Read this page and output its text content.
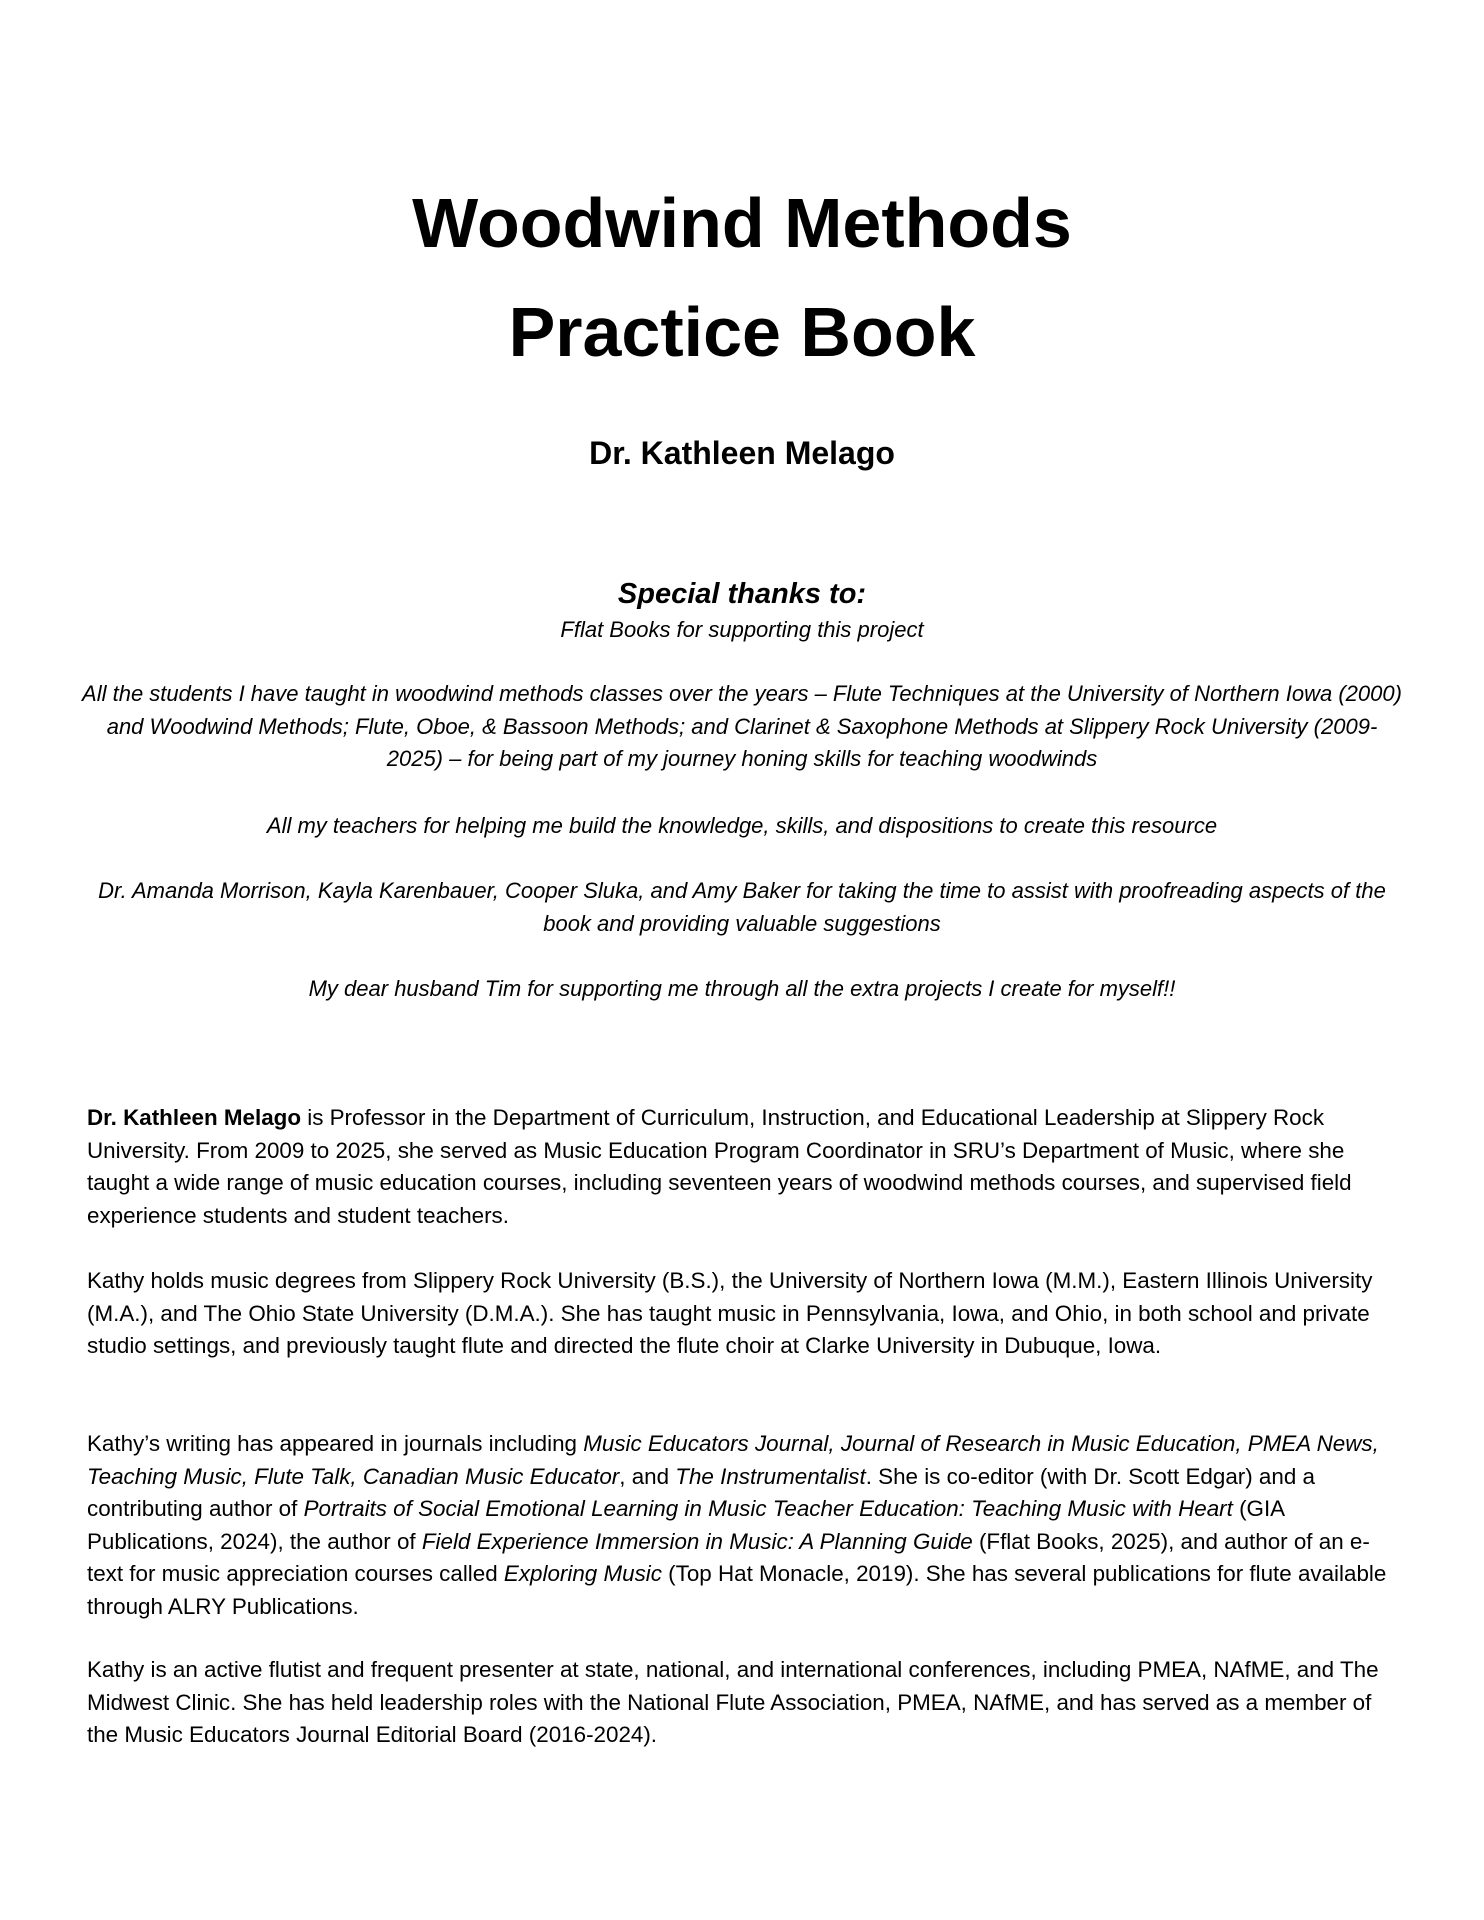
Woodwind Methods
Practice Book
Dr. Kathleen Melago
Special thanks to:

Fflat Books for supporting this project

All the students I have taught in woodwind methods classes over the years – Flute Techniques at the University of Northern Iowa (2000) and Woodwind Methods; Flute, Oboe, & Bassoon Methods; and Clarinet & Saxophone Methods at Slippery Rock University (2009-2025) – for being part of my journey honing skills for teaching woodwinds

All my teachers for helping me build the knowledge, skills, and dispositions to create this resource

Dr. Amanda Morrison, Kayla Karenbauer, Cooper Sluka, and Amy Baker for taking the time to assist with proofreading aspects of the book and providing valuable suggestions

My dear husband Tim for supporting me through all the extra projects I create for myself!!

Dr. Kathleen Melago is Professor in the Department of Curriculum, Instruction, and Educational Leadership at Slippery Rock University. From 2009 to 2025, she served as Music Education Program Coordinator in SRU’s Department of Music, where she taught a wide range of music education courses, including seventeen years of woodwind methods courses, and supervised field experience students and student teachers.

Kathy holds music degrees from Slippery Rock University (B.S.), the University of Northern Iowa (M.M.), Eastern Illinois University (M.A.), and The Ohio State University (D.M.A.). She has taught music in Pennsylvania, Iowa, and Ohio, in both school and private studio settings, and previously taught flute and directed the flute choir at Clarke University in Dubuque, Iowa.

Kathy’s writing has appeared in journals including Music Educators Journal, Journal of Research in Music Education, PMEA News, Teaching Music, Flute Talk, Canadian Music Educator, and The Instrumentalist. She is co-editor (with Dr. Scott Edgar) and a contributing author of Portraits of Social Emotional Learning in Music Teacher Education: Teaching Music with Heart (GIA Publications, 2024), the author of Field Experience Immersion in Music: A Planning Guide (Fflat Books, 2025), and author of an e-text for music appreciation courses called Exploring Music (Top Hat Monacle, 2019). She has several publications for flute available through ALRY Publications.

Kathy is an active flutist and frequent presenter at state, national, and international conferences, including PMEA, NAfME, and The Midwest Clinic. She has held leadership roles with the National Flute Association, PMEA, NAfME, and has served as a member of the Music Educators Journal Editorial Board (2016-2024).
